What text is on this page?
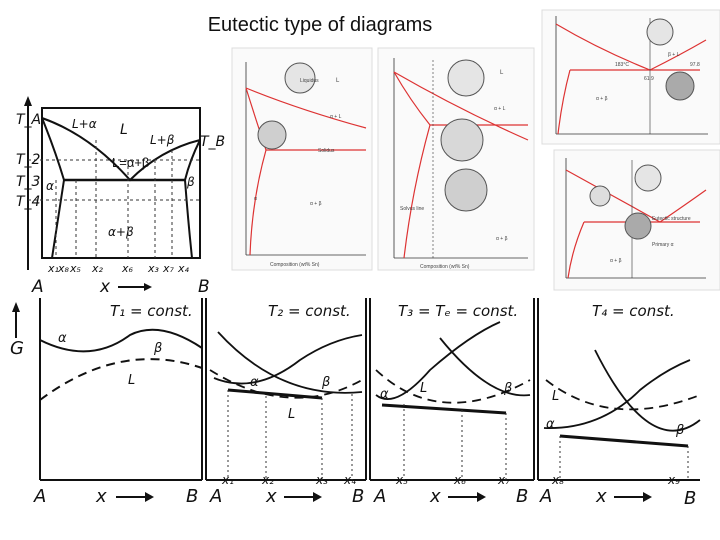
Eutectic type of diagrams
T_A
T_B
T_2
T_3
T_4
L+α L
L+β
α	β
α+β
L=α+β
x₁ x₈ x₅ x₂ x₆ x₃ x₇ x₄
A	x	B
Liquidus
Solidus
α + L
α
α + β
L
Composition (wt% Sn)
Solvus line
α + β
α + L
L
Composition (wt% Sn)
183°C
61.9
97.8
α + β
β + L
Eutectic structure
Primary α
α + β
G
T₁ = const.
α
β
L
A	x	B
T₂ = const.
α	β
L
x₁ x₂	x₃ x₄
A x	B
T₃ = Tₑ = const.
α L	β
x₅	x₆	x₇
A x	B
T₄ = const.
L
α	β
x₈	x₉
A x	B
